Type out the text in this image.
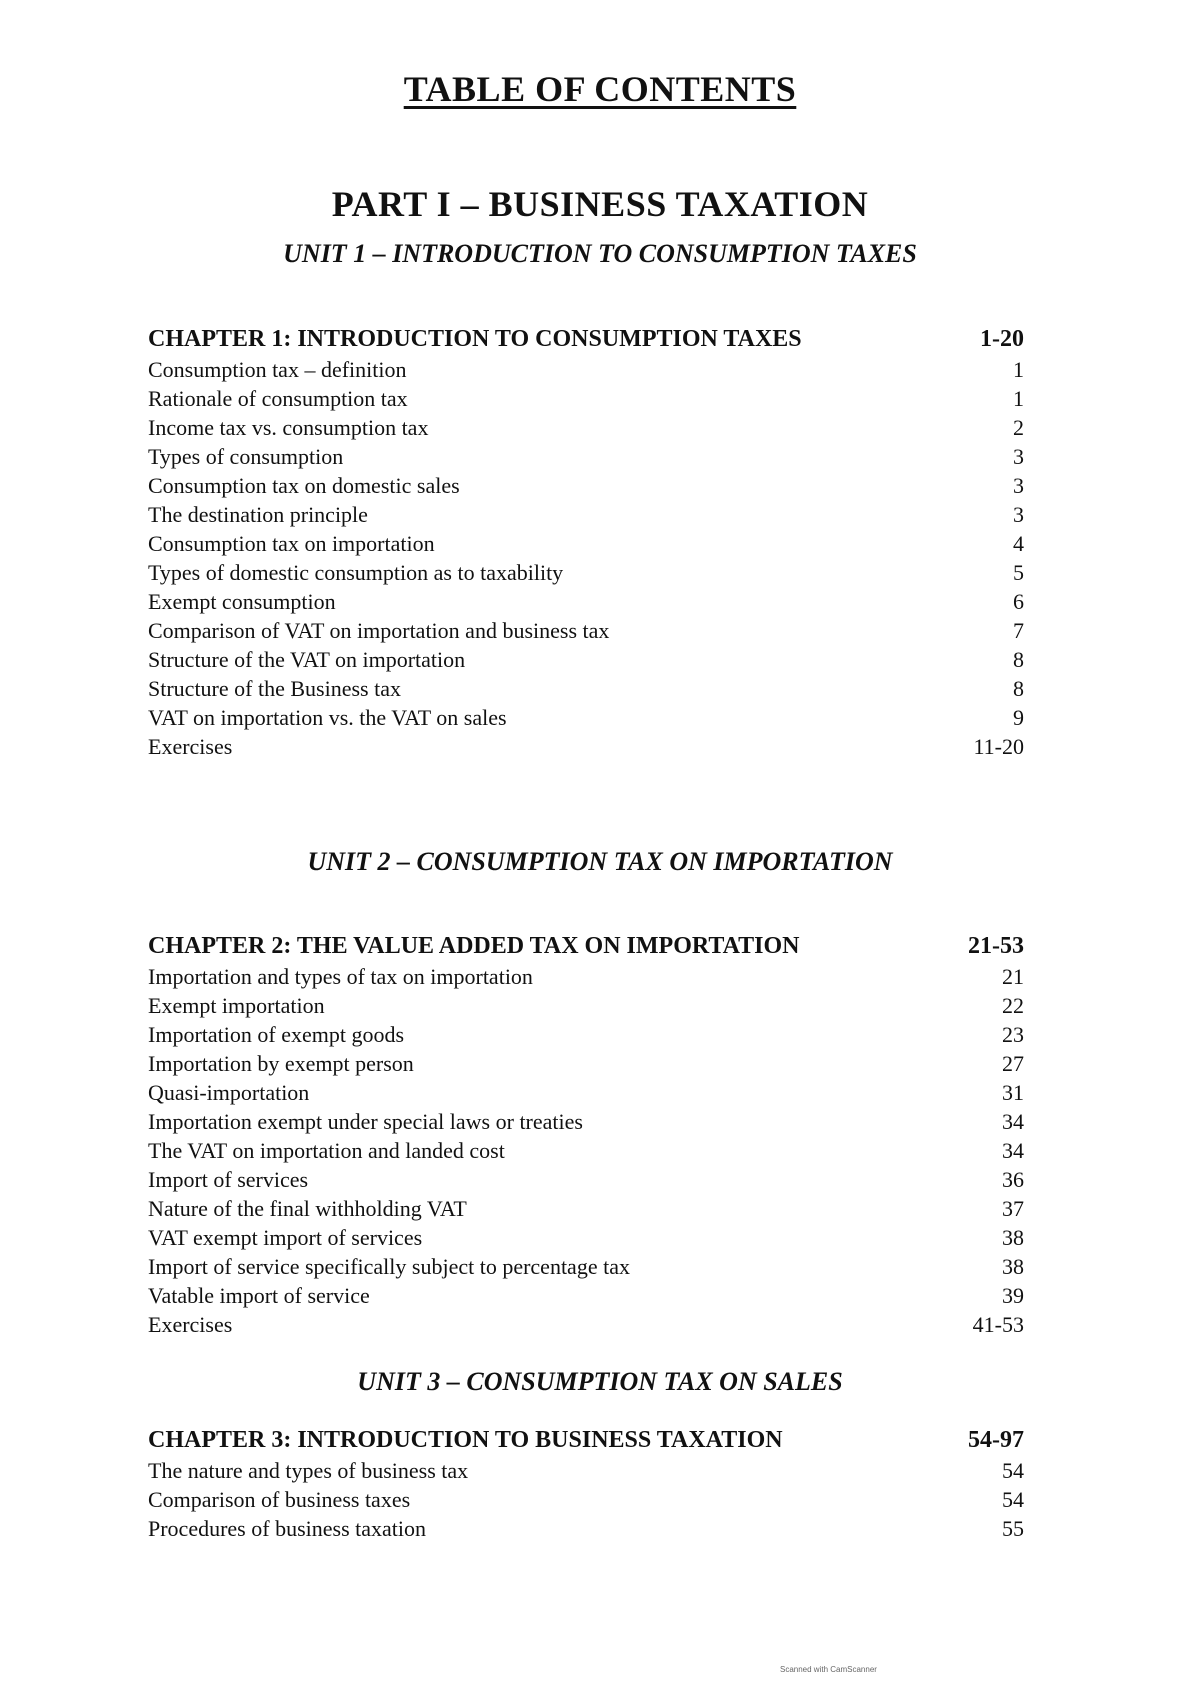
TABLE OF CONTENTS
PART I – BUSINESS TAXATION
UNIT 1 – INTRODUCTION TO CONSUMPTION TAXES
CHAPTER 1: INTRODUCTION TO CONSUMPTION TAXES	1-20
Consumption tax – definition	1
Rationale of consumption tax	1
Income tax vs. consumption tax	2
Types of consumption	3
Consumption tax on domestic sales	3
The destination principle	3
Consumption tax on importation	4
Types of domestic consumption as to taxability	5
Exempt consumption	6
Comparison of VAT on importation and business tax	7
Structure of the VAT on importation	8
Structure of the Business tax	8
VAT on importation vs. the VAT on sales	9
Exercises	11-20
UNIT 2 – CONSUMPTION TAX ON IMPORTATION
CHAPTER 2: THE VALUE ADDED TAX ON IMPORTATION	21-53
Importation and types of tax on importation	21
Exempt importation	22
Importation of exempt goods	23
Importation by exempt person	27
Quasi-importation	31
Importation exempt under special laws or treaties	34
The VAT on importation and landed cost	34
Import of services	36
Nature of the final withholding VAT	37
VAT exempt import of services	38
Import of service specifically subject to percentage tax	38
Vatable import of service	39
Exercises	41-53
UNIT 3 – CONSUMPTION TAX ON SALES
CHAPTER 3: INTRODUCTION TO BUSINESS TAXATION	54-97
The nature and types of business tax	54
Comparison of business taxes	54
Procedures of business taxation	55
Scanned with CamScanner
